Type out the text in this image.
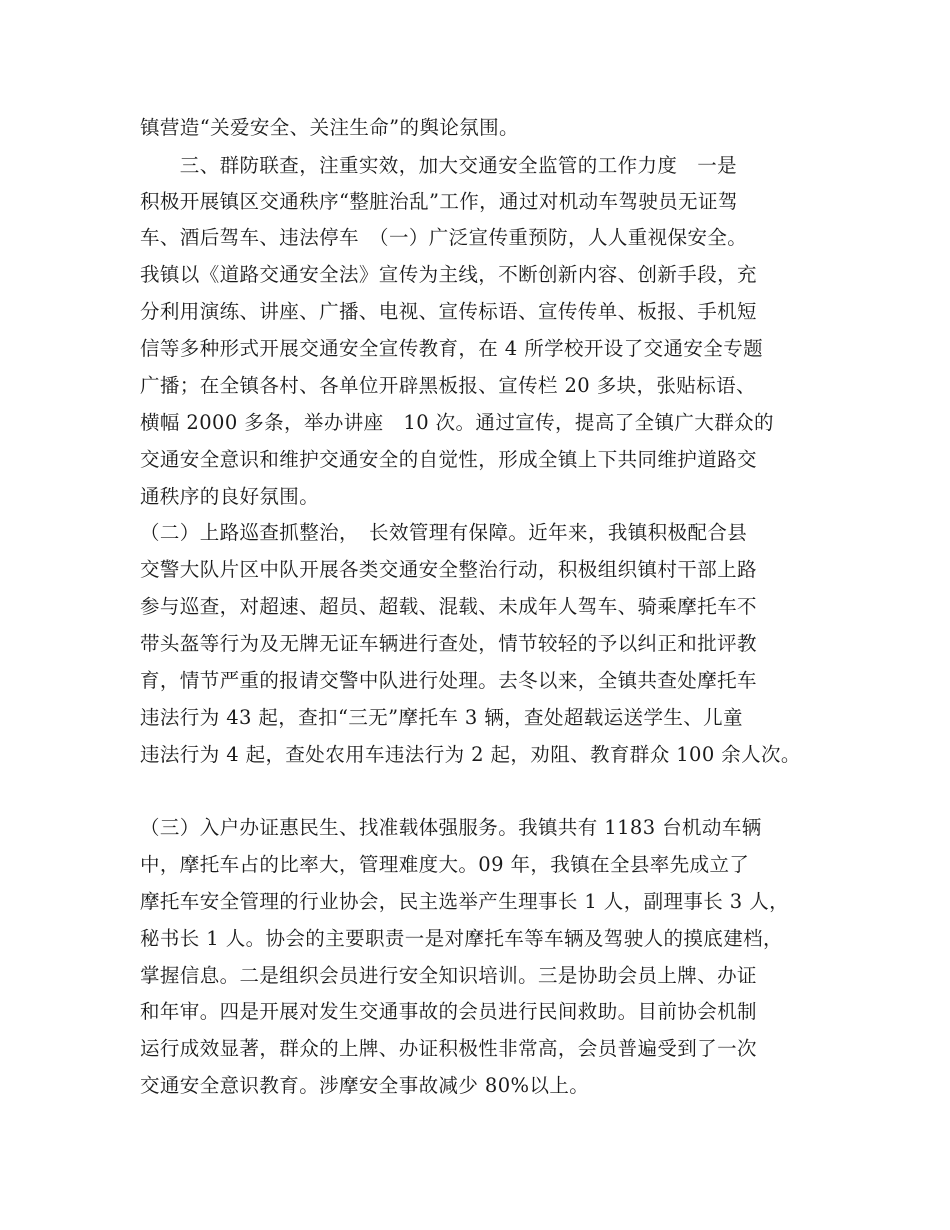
镇营造“关爱安全、关注生命”的舆论氛围。
　　三、群防联查，注重实效，加大交通安全监管的工作力度　一是
积极开展镇区交通秩序“整脏治乱”工作，通过对机动车驾驶员无证驾
车、酒后驾车、违法停车　（一）广泛宣传重预防，人人重视保安全。
我镇以《道路交通安全法》宣传为主线，不断创新内容、创新手段，充
分利用演练、讲座、广播、电视、宣传标语、宣传传单、板报、手机短
信等多种形式开展交通安全宣传教育，在 4 所学校开设了交通安全专题
广播；在全镇各村、各单位开辟黑板报、宣传栏 20 多块，张贴标语、
横幅 2000 多条，举办讲座　10 次。通过宣传，提高了全镇广大群众的
交通安全意识和维护交通安全的自觉性，形成全镇上下共同维护道路交
通秩序的良好氛围。
（二）上路巡查抓整治，　长效管理有保障。近年来，我镇积极配合县
交警大队片区中队开展各类交通安全整治行动，积极组织镇村干部上路
参与巡查，对超速、超员、超载、混载、未成年人驾车、骑乘摩托车不
带头盔等行为及无牌无证车辆进行查处，情节较轻的予以纠正和批评教
育，情节严重的报请交警中队进行处理。去冬以来，全镇共查处摩托车
违法行为 43 起，查扣“三无”摩托车 3 辆，查处超载运送学生、儿童
违法行为 4 起，查处农用车违法行为 2 起，劝阻、教育群众 100 余人次。
（三）入户办证惠民生、找准载体强服务。我镇共有 1183 台机动车辆
中，摩托车占的比率大，管理难度大。09 年，我镇在全县率先成立了
摩托车安全管理的行业协会，民主选举产生理事长 1 人，副理事长 3 人，
秘书长 1 人。协会的主要职责一是对摩托车等车辆及驾驶人的摸底建档，
掌握信息。二是组织会员进行安全知识培训。三是协助会员上牌、办证
和年审。四是开展对发生交通事故的会员进行民间救助。目前协会机制
运行成效显著，群众的上牌、办证积极性非常高，会员普遍受到了一次
交通安全意识教育。涉摩安全事故减少 80%以上。
